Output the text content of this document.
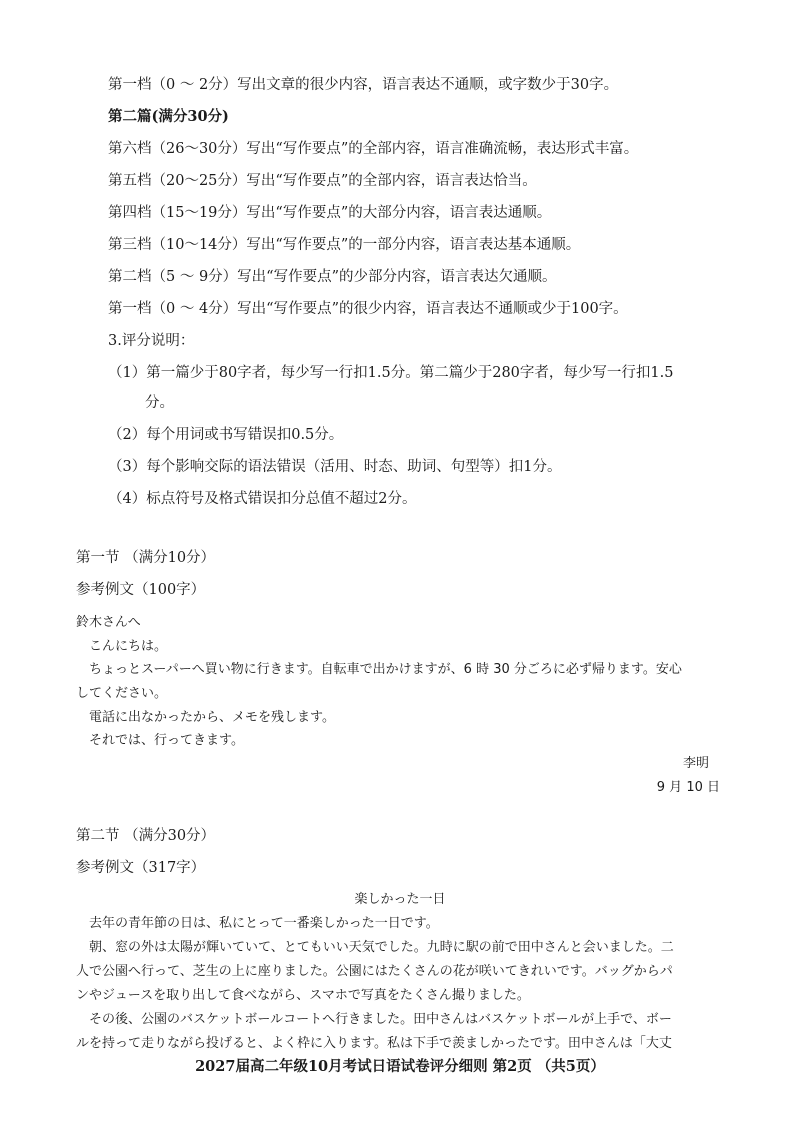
第一档（0 ～ 2分）写出文章的很少内容，语言表达不通顺，或字数少于30字。
第二篇(满分30分)
第六档（26～30分）写出“写作要点”的全部内容，语言准确流畅，表达形式丰富。
第五档（20～25分）写出“写作要点”的全部内容，语言表达恰当。
第四档（15～19分）写出“写作要点”的大部分内容，语言表达通顺。
第三档（10～14分）写出“写作要点”的一部分内容，语言表达基本通顺。
第二档（5 ～ 9分）写出“写作要点”的少部分内容，语言表达欠通顺。
第一档（0 ～ 4分）写出“写作要点”的很少内容，语言表达不通顺或少于100字。
3.评分说明：
（1）第一篇少于80字者，每少写一行扣1.5分。第二篇少于280字者，每少写一行扣1.5
分。
（2）每个用词或书写错误扣0.5分。
（3）每个影响交际的语法错误（活用、时态、助词、句型等）扣1分。
（4）标点符号及格式错误扣分总值不超过2分。
第一节 （满分10分）
参考例文（100字）
鈴木さんへ
　こんにちは。
　ちょっとスーパーへ買い物に行きます。自転車で出かけますが、6 時 30 分ごろに必ず帰ります。安心
してください。
　電話に出なかったから、メモを残します。
　それでは、行ってきます。
李明
9 月 10 日
第二节 （满分30分）
参考例文（317字）
楽しかった一日
　去年の青年節の日は、私にとって一番楽しかった一日です。
　朝、窓の外は太陽が輝いていて、とてもいい天気でした。九時に駅の前で田中さんと会いました。二
人で公園へ行って、芝生の上に座りました。公園にはたくさんの花が咲いてきれいです。バッグからパ
ンやジュースを取り出して食べながら、スマホで写真をたくさん撮りました。
　その後、公園のバスケットボールコートへ行きました。田中さんはバスケットボールが上手で、ボー
ルを持って走りながら投げると、よく枠に入ります。私は下手で羨ましかったです。田中さんは「大丈
2027届高二年级10月考试日语试卷评分细则 第2页 （共5页）
